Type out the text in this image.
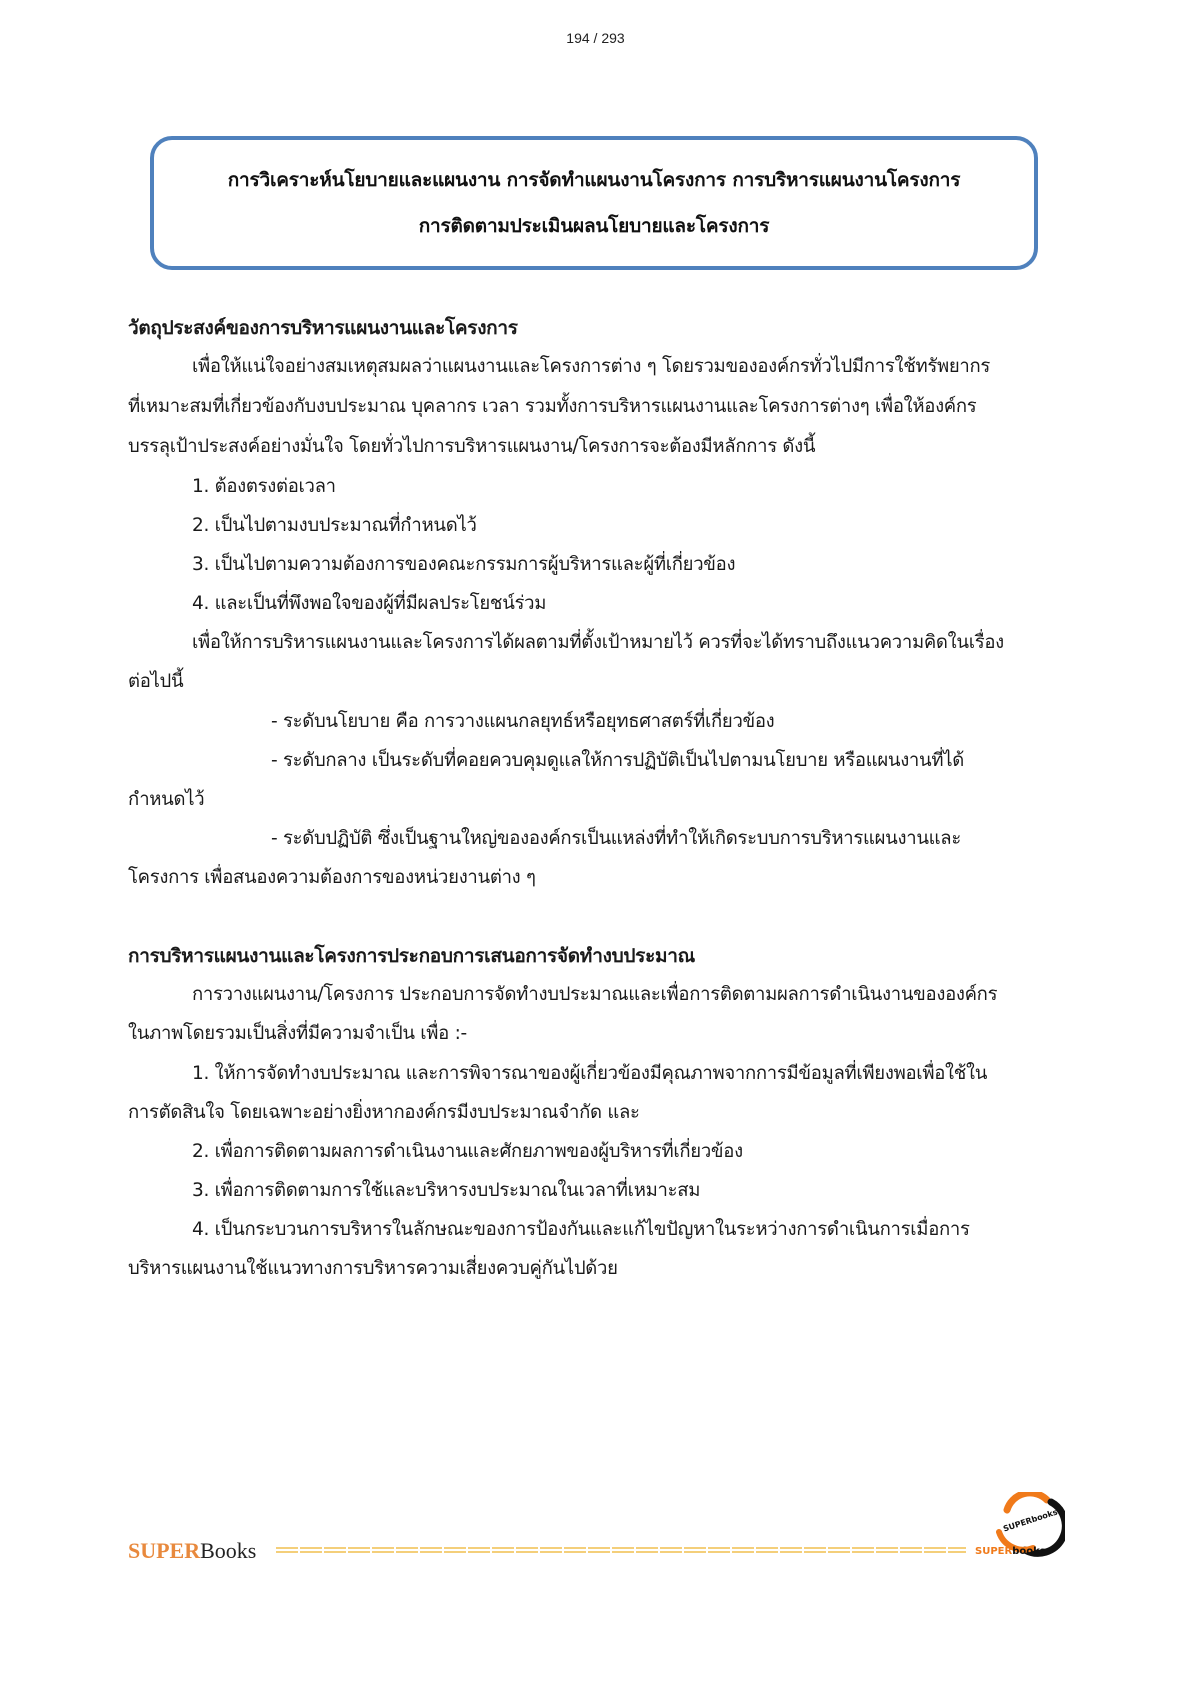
194 / 293
การวิเคราะห์นโยบายและแผนงาน การจัดทำแผนงานโครงการ การบริหารแผนงานโครงการ
การติดตามประเมินผลนโยบายและโครงการ
วัตถุประสงค์ของการบริหารแผนงานและโครงการ
เพื่อให้แน่ใจอย่างสมเหตุสมผลว่าแผนงานและโครงการต่าง ๆ โดยรวมขององค์กรทั่วไปมีการใช้ทรัพยากร
ที่เหมาะสมที่เกี่ยวข้องกับงบประมาณ บุคลากร เวลา รวมทั้งการบริหารแผนงานและโครงการต่างๆ เพื่อให้องค์กร
บรรลุเป้าประสงค์อย่างมั่นใจ โดยทั่วไปการบริหารแผนงาน/โครงการจะต้องมีหลักการ ดังนี้
1. ต้องตรงต่อเวลา
2. เป็นไปตามงบประมาณที่กำหนดไว้
3. เป็นไปตามความต้องการของคณะกรรมการผู้บริหารและผู้ที่เกี่ยวข้อง
4. และเป็นที่พึงพอใจของผู้ที่มีผลประโยชน์ร่วม
เพื่อให้การบริหารแผนงานและโครงการได้ผลตามที่ตั้งเป้าหมายไว้ ควรที่จะได้ทราบถึงแนวความคิดในเรื่อง
ต่อไปนี้
- ระดับนโยบาย คือ การวางแผนกลยุทธ์หรือยุทธศาสตร์ที่เกี่ยวข้อง
- ระดับกลาง เป็นระดับที่คอยควบคุมดูแลให้การปฏิบัติเป็นไปตามนโยบาย หรือแผนงานที่ได้
กำหนดไว้
- ระดับปฏิบัติ ซึ่งเป็นฐานใหญ่ขององค์กรเป็นแหล่งที่ทำให้เกิดระบบการบริหารแผนงานและ
โครงการ เพื่อสนองความต้องการของหน่วยงานต่าง ๆ
การบริหารแผนงานและโครงการประกอบการเสนอการจัดทำงบประมาณ
การวางแผนงาน/โครงการ ประกอบการจัดทำงบประมาณและเพื่อการติดตามผลการดำเนินงานขององค์กร
ในภาพโดยรวมเป็นสิ่งที่มีความจำเป็น เพื่อ :-
1. ให้การจัดทำงบประมาณ และการพิจารณาของผู้เกี่ยวข้องมีคุณภาพจากการมีข้อมูลที่เพียงพอเพื่อใช้ใน
การตัดสินใจ โดยเฉพาะอย่างยิ่งหากองค์กรมีงบประมาณจำกัด และ
2. เพื่อการติดตามผลการดำเนินงานและศักยภาพของผู้บริหารที่เกี่ยวข้อง
3. เพื่อการติดตามการใช้และบริหารงบประมาณในเวลาที่เหมาะสม
4. เป็นกระบวนการบริหารในลักษณะของการป้องกันและแก้ไขปัญหาในระหว่างการดำเนินการเมื่อการ
บริหารแผนงานใช้แนวทางการบริหารความเสี่ยงควบคู่กันไปด้วย
SUPERBooks
SUPERbooks
SUPERbooks
